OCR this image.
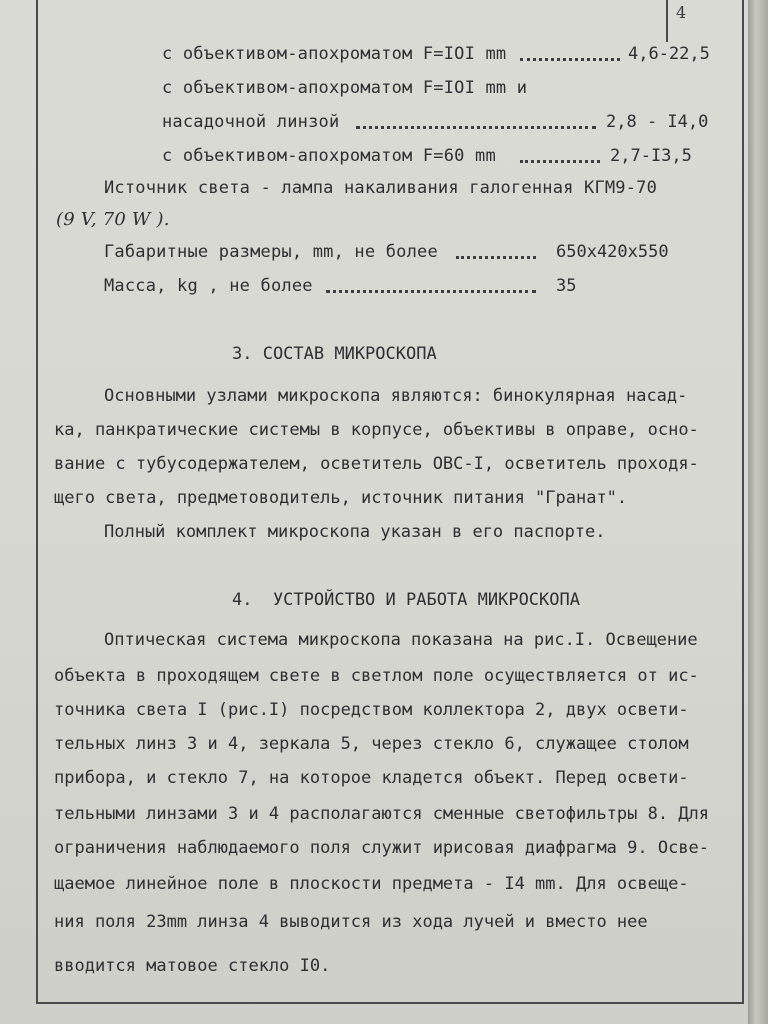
4
с объективом-апохроматом F=IOI mm	4,6-22,5
с объективом-апохроматом F=IOI mm и
насадочной линзой	2,8 - I4,0
с объективом-апохроматом F=60 mm	2,7-I3,5
Источник света - лампа накаливания галогенная КГМ9-70
(9 V, 70 W ).
Габаритные размеры, mm, не более	650x420x550
Масса, kg , не более	35
3. СОСТАВ МИКРОСКОПА
Основными узлами микроскопа являются: бинокулярная насад-
ка, панкратические системы в корпусе, объективы в оправе, осно-
вание с тубусодержателем, осветитель ОВС-I, осветитель проходя-
щего света, предметоводитель, источник питания "Гранат".
Полный комплект микроскопа указан в его паспорте.
4.  УСТРОЙСТВО И РАБОТА МИКРОСКОПА
Оптическая система микроскопа показана на рис.I. Освещение
объекта в проходящем свете в светлом поле осуществляется от ис-
точника света I (рис.I) посредством коллектора 2, двух освети-
тельных линз 3 и 4, зеркала 5, через стекло 6, служащее столом
прибора, и стекло 7, на которое кладется объект. Перед освети-
тельными линзами 3 и 4 располагаются сменные светофильтры 8. Для
ограничения наблюдаемого поля служит ирисовая диафрагма 9. Осве-
щаемое линейное поле в плоскости предмета - I4 mm. Для освеще-
ния поля 23mm линза 4 выводится из хода лучей и вместо нее
вводится матовое стекло I0.
